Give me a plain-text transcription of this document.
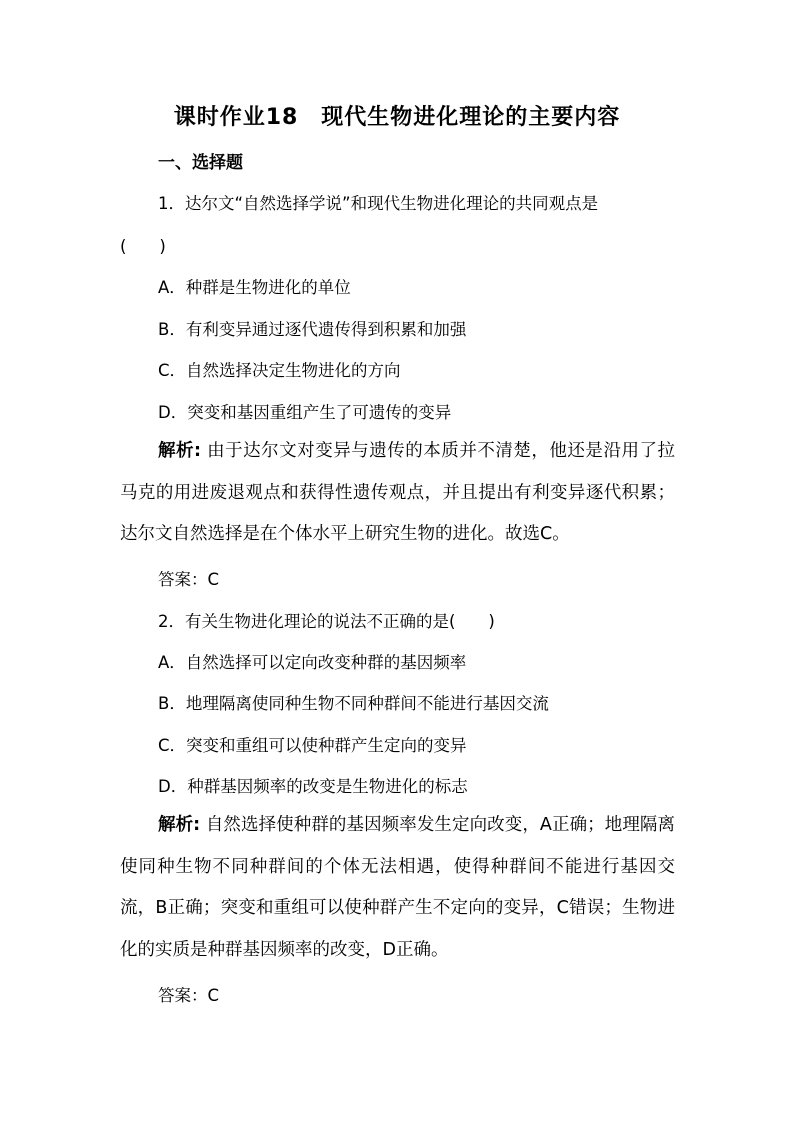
课时作业18　现代生物进化理论的主要内容
一、选择题
1．达尔文“自然选择学说”和现代生物进化理论的共同观点是
(　　)
A．种群是生物进化的单位
B．有利变异通过逐代遗传得到积累和加强
C．自然选择决定生物进化的方向
D．突变和基因重组产生了可遗传的变异
解析: 由于达尔文对变异与遗传的本质并不清楚，他还是沿用了拉马克的用进废退观点和获得性遗传观点，并且提出有利变异逐代积累；达尔文自然选择是在个体水平上研究生物的进化。故选C。
答案：C
2．有关生物进化理论的说法不正确的是(　　)
A．自然选择可以定向改变种群的基因频率
B．地理隔离使同种生物不同种群间不能进行基因交流
C．突变和重组可以使种群产生定向的变异
D．种群基因频率的改变是生物进化的标志
解析: 自然选择使种群的基因频率发生定向改变，A正确；地理隔离使同种生物不同种群间的个体无法相遇，使得种群间不能进行基因交流，B正确；突变和重组可以使种群产生不定向的变异，C错误；生物进化的实质是种群基因频率的改变，D正确。
答案：C
